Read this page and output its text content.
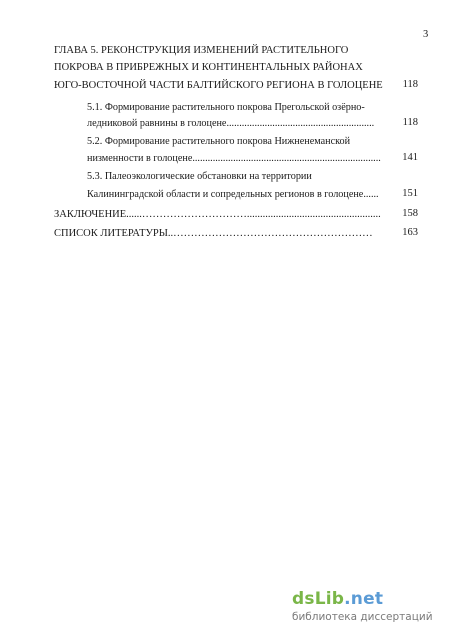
3
ГЛАВА 5. РЕКОНСТРУКЦИЯ ИЗМЕНЕНИЙ РАСТИТЕЛЬНОГО
ПОКРОВА В ПРИБРЕЖНЫХ И КОНТИНЕНТАЛЬНЫХ РАЙОНАХ
ЮГО-ВОСТОЧНОЙ ЧАСТИ БАЛТИЙСКОГО РЕГИОНА В ГОЛОЦЕНЕ	118
5.1. Формирование растительного покрова Прегольской озёрно-
ледниковой равнины в голоцене..........................................................	118
5.2. Формирование растительного покрова Нижненеманской
низменности в голоцене..........................................................................	141
5.3. Палеоэкологические обстановки на территории
Калининградской области и сопредельных регионов в голоцене......	151
ЗАКЛЮЧЕНИЕ......…………………………...................................................	158
СПИСОК ЛИТЕРАТУРЫ..…………………………………………………	163
dsLib.net
библиотека диссертаций
